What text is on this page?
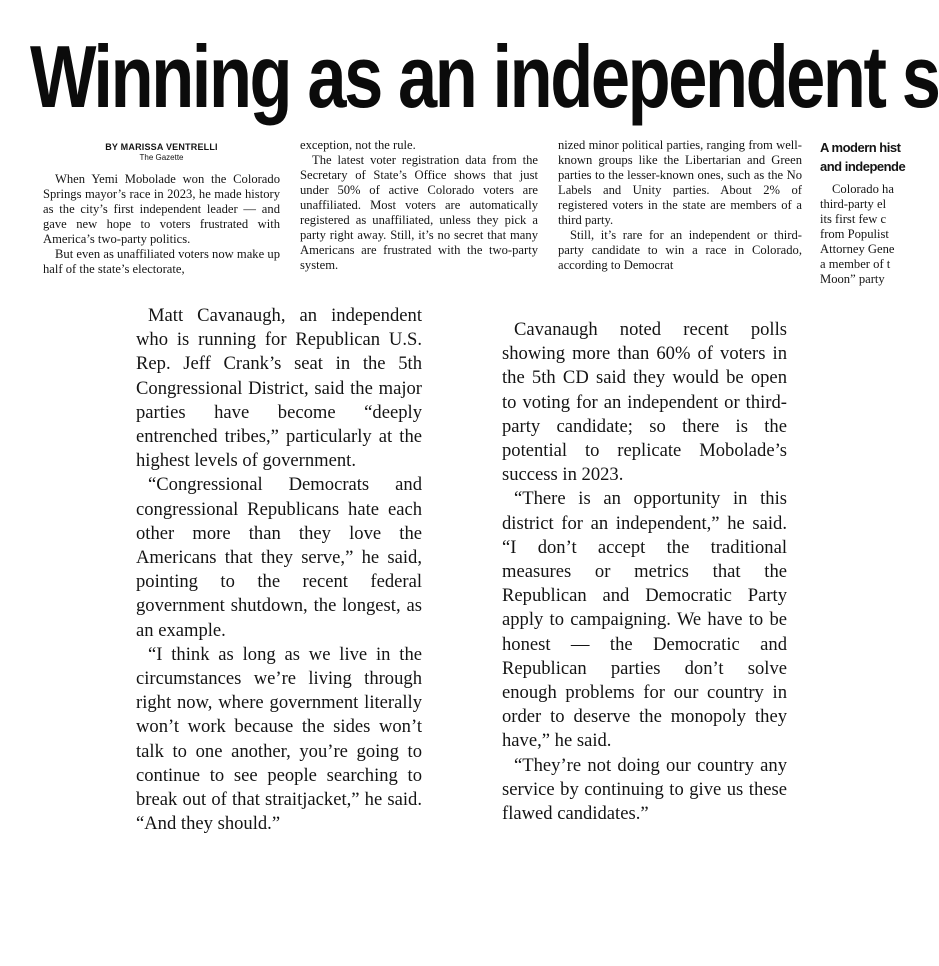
Winning as an independent s

BY MARISSA VENTRELLI

The Gazette

When Yemi Mobolade won the Colorado Springs mayor’s race in 2023, he made history as the city’s first independent leader — and gave new hope to voters frustrated with America’s two-party politics.

But even as unaffiliated voters now make up half of the state’s electorate,

exception, not the rule.

The latest voter registration data from the Secretary of State’s Office shows that just under 50% of active Colorado voters are unaffiliated. Most voters are automatically registered as unaffiliated, unless they pick a party right away. Still, it’s no secret that many Americans are frustrated with the two-party system.

nized minor political parties, ranging from well-known groups like the Libertarian and Green parties to the lesser-known ones, such as the No Labels and Unity parties. About 2% of registered voters in the state are members of a third party.

Still, it’s rare for an independent or third-party candidate to win a race in Colorado, according to Democrat

A modern hist
and independe

Colorado ha

third-party el

its first few c

from Populist

Attorney Gene

a member of t

Moon” party

Matt Cavanaugh, an independent who is running for Republican U.S. Rep. Jeff Crank’s seat in the 5th Congressional District, said the major parties have become “deeply entrenched tribes,” particularly at the highest levels of government.

“Congressional Democrats and congressional Republicans hate each other more than they love the Americans that they serve,” he said, pointing to the recent federal government shutdown, the longest, as an example.

“I think as long as we live in the circumstances we’re living through right now, where government literally won’t work because the sides won’t talk to one another, you’re going to continue to see people searching to break out of that straitjacket,” he said. “And they should.”

Cavanaugh noted recent polls showing more than 60% of voters in the 5th CD said they would be open to voting for an independent or third-party candidate; so there is the potential to replicate Mobolade’s success in 2023.

“There is an opportunity in this district for an independent,” he said. “I don’t accept the traditional measures or metrics that the Republican and Democratic Party apply to campaigning. We have to be honest — the Democratic and Republican parties don’t solve enough problems for our country in order to deserve the monopoly they have,” he said.

“They’re not doing our country any service by continuing to give us these flawed candidates.”
